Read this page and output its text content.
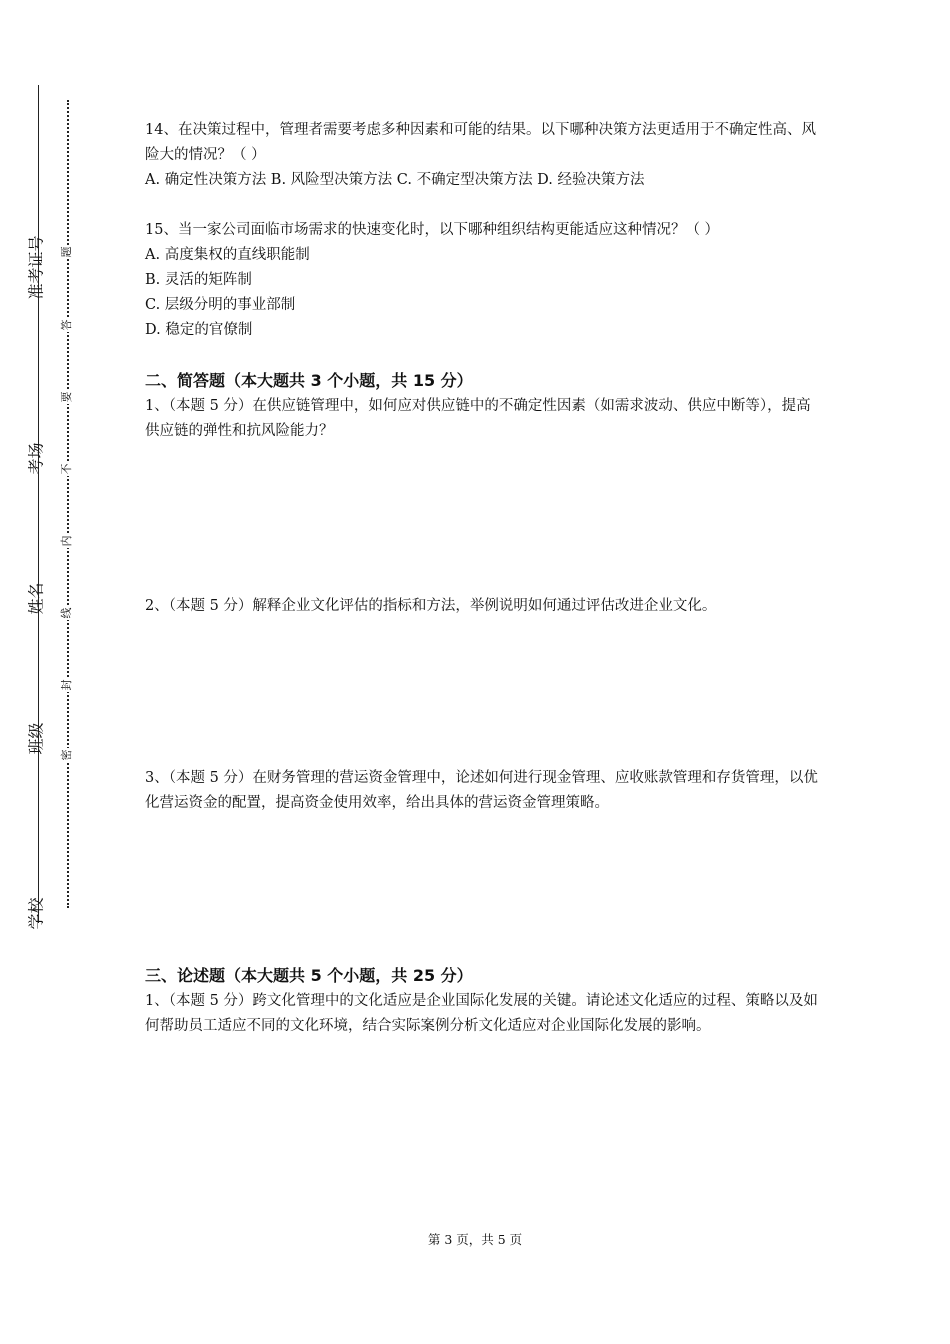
准考证号
考场
姓名
班级
学校
题
答
要
不
内
线
封
密
14、在决策过程中，管理者需要考虑多种因素和可能的结果。以下哪种决策方法更适用于不确定性高、风险大的情况？（ ）
A. 确定性决策方法 B. 风险型决策方法 C. 不确定型决策方法 D. 经验决策方法
15、当一家公司面临市场需求的快速变化时，以下哪种组织结构更能适应这种情况？（ ）
A. 高度集权的直线职能制
B. 灵活的矩阵制
C. 层级分明的事业部制
D. 稳定的官僚制
二、简答题（本大题共 3 个小题，共 15 分）
1、（本题 5 分）在供应链管理中，如何应对供应链中的不确定性因素（如需求波动、供应中断等），提高供应链的弹性和抗风险能力？
2、（本题 5 分）解释企业文化评估的指标和方法，举例说明如何通过评估改进企业文化。
3、（本题 5 分）在财务管理的营运资金管理中，论述如何进行现金管理、应收账款管理和存货管理，以优化营运资金的配置，提高资金使用效率，给出具体的营运资金管理策略。
三、论述题（本大题共 5 个小题，共 25 分）
1、（本题 5 分）跨文化管理中的文化适应是企业国际化发展的关键。请论述文化适应的过程、策略以及如何帮助员工适应不同的文化环境，结合实际案例分析文化适应对企业国际化发展的影响。
第 3 页，共 5 页
